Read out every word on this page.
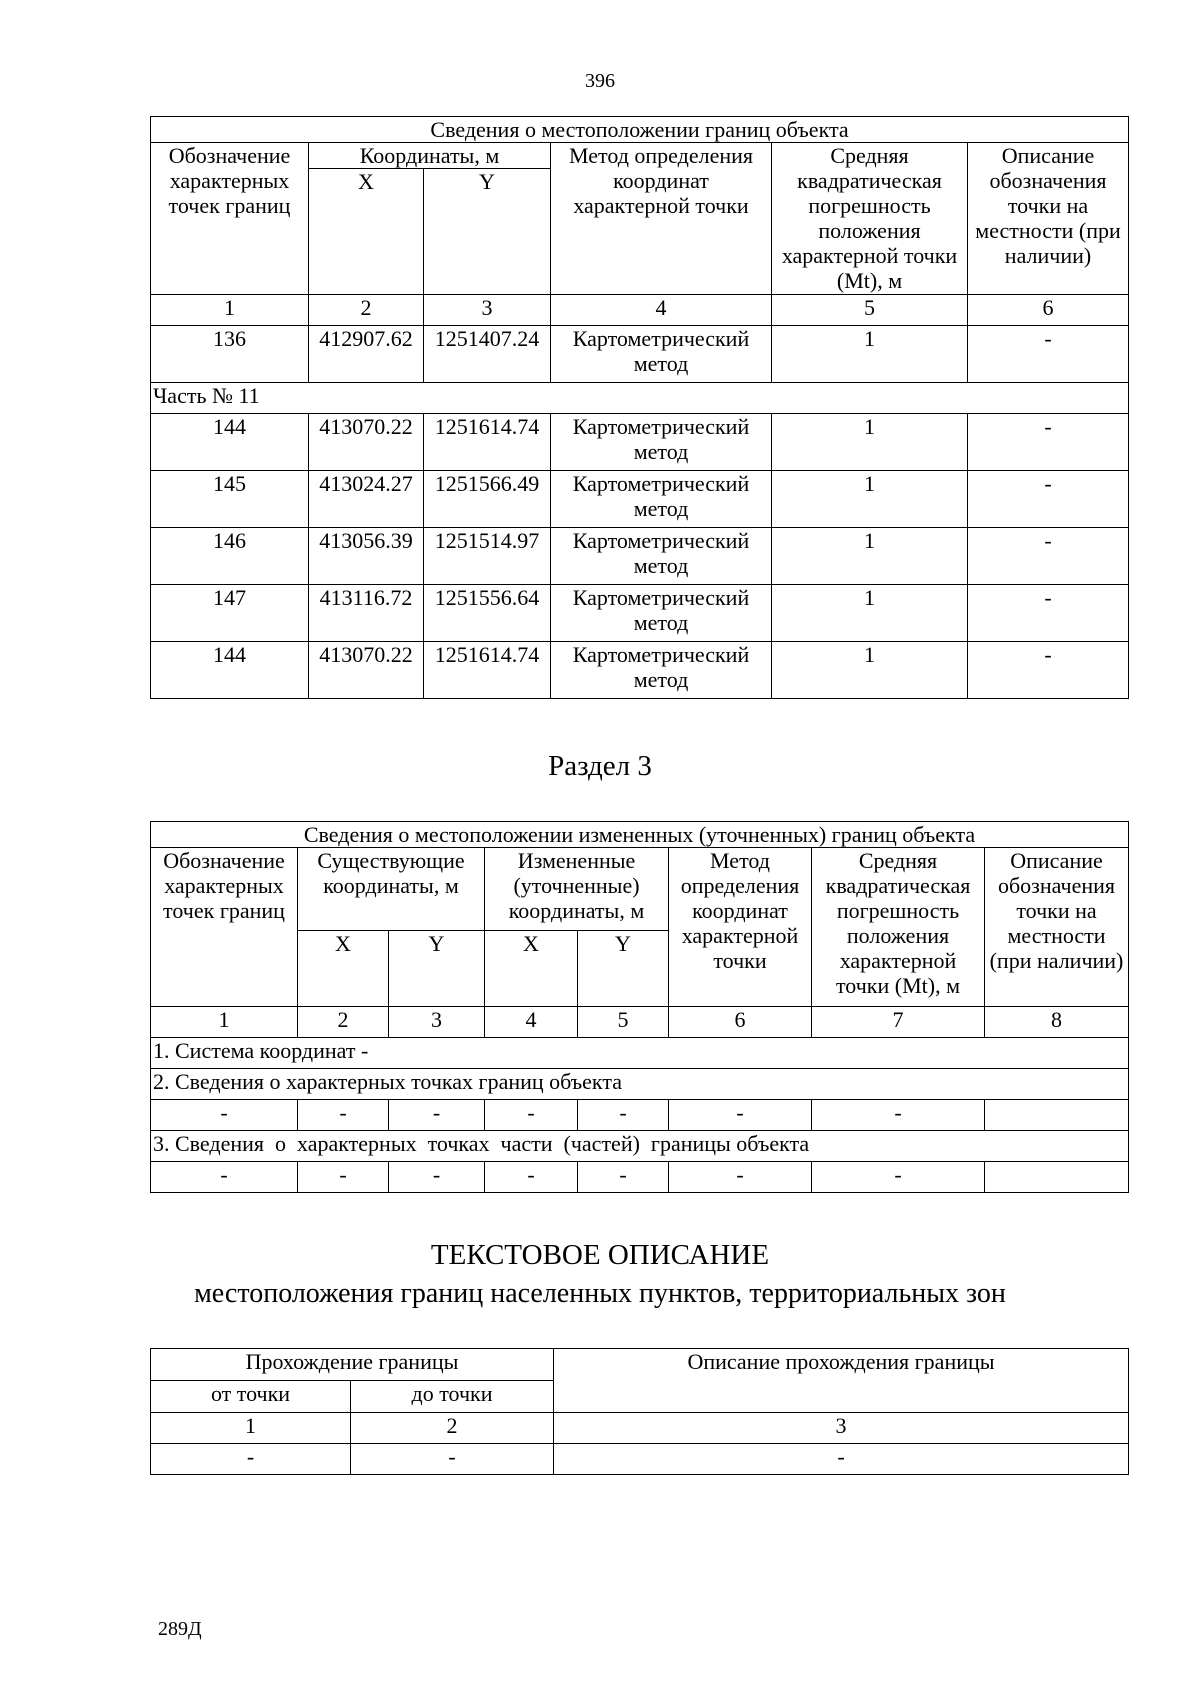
396
Сведения о местоположении границ объекта					
Обозначение характерных точек границ	Координаты, м		Метод определения координат характерной точки	Средняя квадратическая погрешность положения характерной точки (Mt), м	Описание обозначения точки на местности (при наличии)
	X	Y			
1	2	3	4	5	6
136	412907.62	1251407.24	Картометрический метод	1	-
Часть № 11					
144	413070.22	1251614.74	Картометрический метод	1	-
145	413024.27	1251566.49	Картометрический метод	1	-
146	413056.39	1251514.97	Картометрический метод	1	-
147	413116.72	1251556.64	Картометрический метод	1	-
144	413070.22	1251614.74	Картометрический метод	1	-
Раздел 3
Сведения о местоположении измененных (уточненных) границ объекта							
Обозначение характерных точек границ	Существующие координаты, м		Измененные (уточненные) координаты, м		Метод определения координат характерной точки	Средняя квадратическая погрешность положения характерной точки (Mt), м	Описание обозначения точки на местности (при наличии)
	X	Y	X	Y			
1	2	3	4	5	6	7	8
1. Система координат -							
2. Сведения о характерных точках границ объекта							
-	-	-	-	-	-	-	
3. Сведения  о  характерных  точках  части  (частей)  границы объекта							
-	-	-	-	-	-	-	
ТЕКСТОВОЕ ОПИСАНИЕ
местоположения границ населенных пунктов, территориальных зон
Прохождение границы		Описание прохождения границы
от точки	до точки	
1	2	3
-	-	-
289Д
